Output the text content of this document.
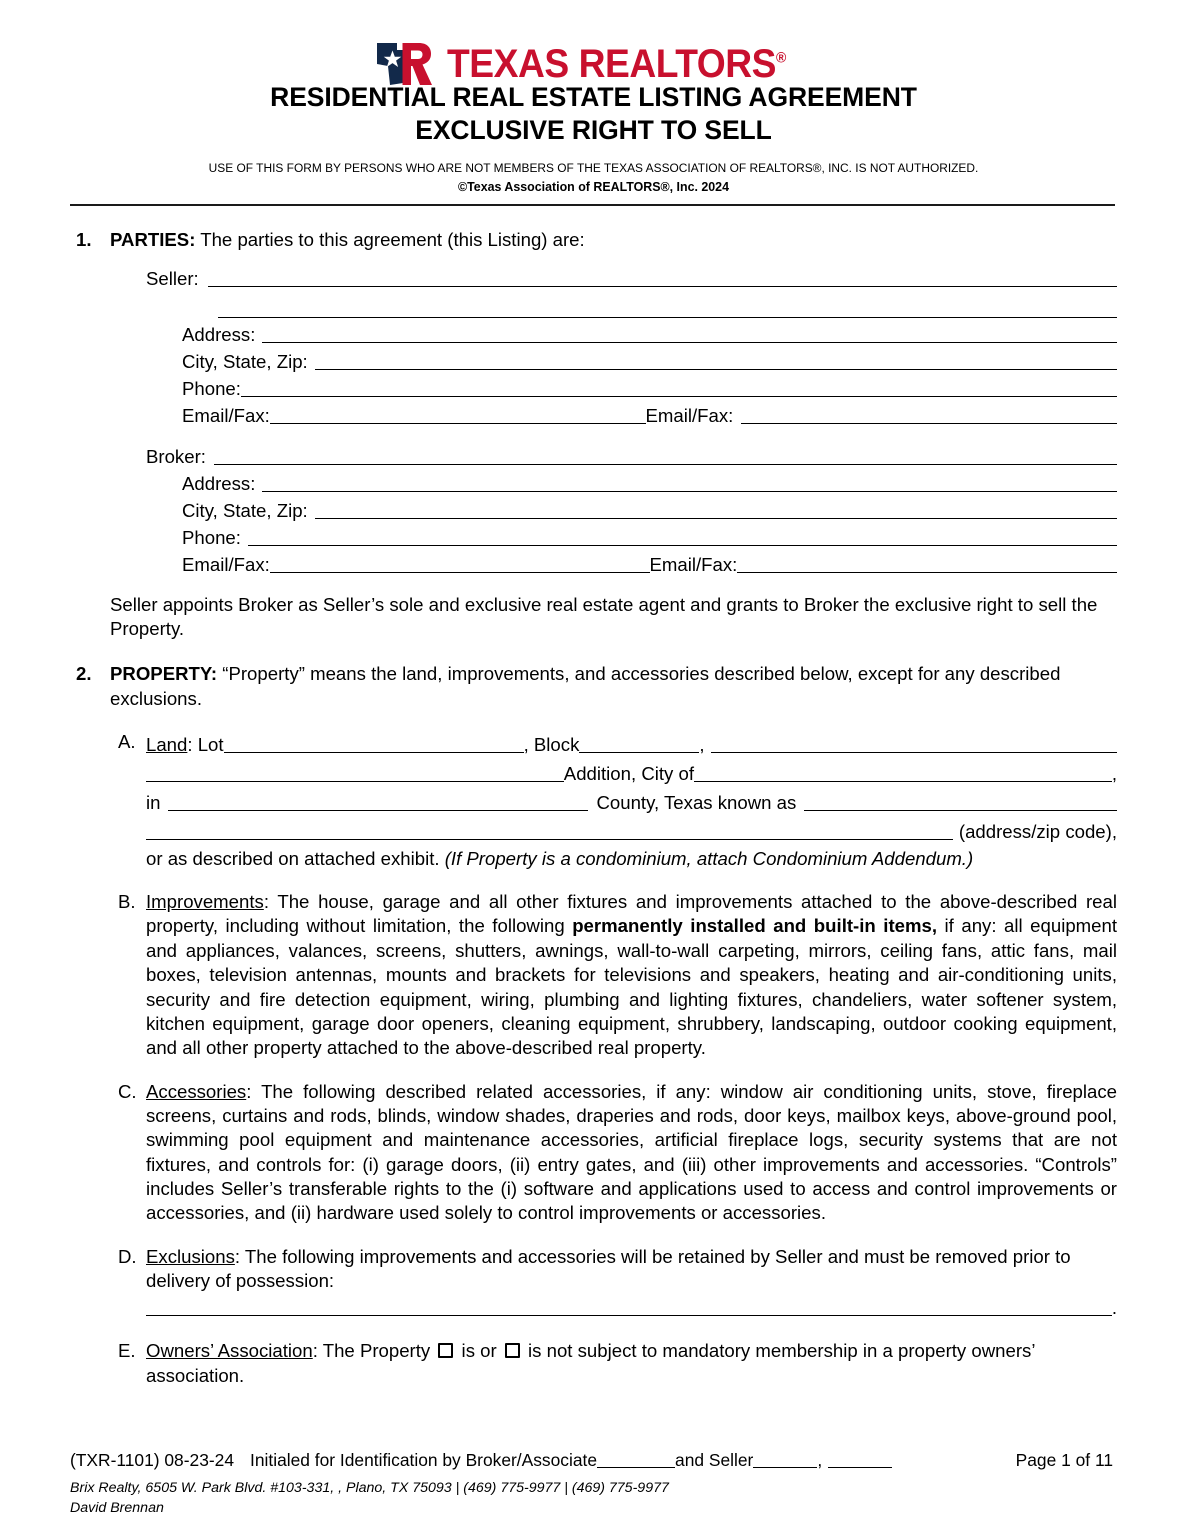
TEXAS REALTORS®
RESIDENTIAL REAL ESTATE LISTING AGREEMENT
EXCLUSIVE RIGHT TO SELL
USE OF THIS FORM BY PERSONS WHO ARE NOT MEMBERS OF THE TEXAS ASSOCIATION OF REALTORS®, INC. IS NOT AUTHORIZED.
©Texas Association of REALTORS®, Inc. 2024
1. PARTIES: The parties to this agreement (this Listing) are:
Seller:
Address:
City, State, Zip:
Phone:
Email/Fax:	Email/Fax:
Broker:
Address:
City, State, Zip:
Phone:
Email/Fax:	Email/Fax:
Seller appoints Broker as Seller’s sole and exclusive real estate agent and grants to Broker the exclusive right to sell the Property.
2. PROPERTY: “Property” means the land, improvements, and accessories described below, except for any described exclusions.
A. Land: Lot	, Block	,
Addition, City of	,
in	County, Texas known as
(address/zip code),
or as described on attached exhibit. (If Property is a condominium, attach Condominium Addendum.)
B. Improvements: The house, garage and all other fixtures and improvements attached to the above-described real property, including without limitation, the following permanently installed and built-in items, if any: all equipment and appliances, valances, screens, shutters, awnings, wall-to-wall carpeting, mirrors, ceiling fans, attic fans, mail boxes, television antennas, mounts and brackets for televisions and speakers, heating and air-conditioning units, security and fire detection equipment, wiring, plumbing and lighting fixtures, chandeliers, water softener system, kitchen equipment, garage door openers, cleaning equipment, shrubbery, landscaping, outdoor cooking equipment, and all other property attached to the above-described real property.
C. Accessories: The following described related accessories, if any: window air conditioning units, stove, fireplace screens, curtains and rods, blinds, window shades, draperies and rods, door keys, mailbox keys, above-ground pool, swimming pool equipment and maintenance accessories, artificial fireplace logs, security systems that are not fixtures, and controls for: (i) garage doors, (ii) entry gates, and (iii) other improvements and accessories. “Controls” includes Seller’s transferable rights to the (i) software and applications used to access and control improvements or accessories, and (ii) hardware used solely to control improvements or accessories.
D. Exclusions: The following improvements and accessories will be retained by Seller and must be removed prior to delivery of possession:
.
E. Owners’ Association: The Property  is or  is not subject to mandatory membership in a property owners’ association.
(TXR-1101) 08-23-24 Initialed for Identification by Broker/Associate	and Seller	,	Page 1 of 11
Brix Realty, 6505 W. Park Blvd. #103-331, , Plano, TX 75093 | (469) 775-9977 | (469) 775-9977
David Brennan
